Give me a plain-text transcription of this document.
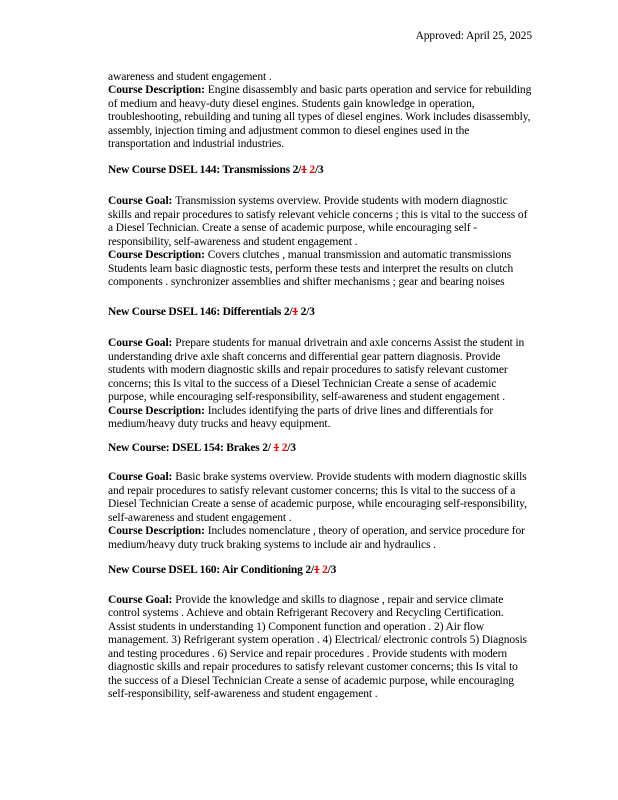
Approved: April 25, 2025

awareness and student engagement .

Course Description: Engine disassembly and basic parts operation and service for rebuilding of medium and heavy-duty diesel engines. Students gain knowledge in operation, troubleshooting, rebuilding and tuning all types of diesel engines. Work includes disassembly, assembly, injection timing and adjustment common to diesel engines used in the transportation and industrial industries.

New Course DSEL 144: Transmissions 2/1 2/3

Course Goal: Transmission systems overview. Provide students with modern diagnostic skills and repair procedures to satisfy relevant vehicle concerns ; this is vital to the success of a Diesel Technician. Create a sense of academic purpose, while encouraging self - responsibility, self-awareness and student engagement .

Course Description: Covers clutches , manual transmission and automatic transmissions Students learn basic diagnostic tests, perform these tests and interpret the results on clutch components . synchronizer assemblies and shifter mechanisms ; gear and bearing noises

New Course DSEL 146: Differentials 2/1 2/3

Course Goal: Prepare students for manual drivetrain and axle concerns Assist the student in understanding drive axle shaft concerns and differential gear pattern diagnosis. Provide students with modern diagnostic skills and repair procedures to satisfy relevant customer concerns; this Is vital to the success of a Diesel Technician Create a sense of academic purpose, while encouraging self-responsibility, self-awareness and student engagement .

Course Description: Includes identifying the parts of drive lines and differentials for medium/heavy duty trucks and heavy equipment.

New Course: DSEL 154: Brakes 2/ 1 2/3

Course Goal: Basic brake systems overview. Provide students with modern diagnostic skills and repair procedures to satisfy relevant customer concerns; this Is vital to the success of a Diesel Technician Create a sense of academic purpose, while encouraging self-responsibility, self-awareness and student engagement .

Course Description: Includes nomenclature , theory of operation, and service procedure for medium/heavy duty truck braking systems to include air and hydraulics .

New Course DSEL 160: Air Conditioning 2/1 2/3

Course Goal: Provide the knowledge and skills to diagnose , repair and service climate control systems . Achieve and obtain Refrigerant Recovery and Recycling Certification. Assist students in understanding 1) Component function and operation . 2) Air flow management. 3) Refrigerant system operation . 4) Electrical/ electronic controls 5) Diagnosis and testing procedures . 6) Service and repair procedures . Provide students with modern diagnostic skills and repair procedures to satisfy relevant customer concerns; this Is vital to the success of a Diesel Technician Create a sense of academic purpose, while encouraging self-responsibility, self-awareness and student engagement .
